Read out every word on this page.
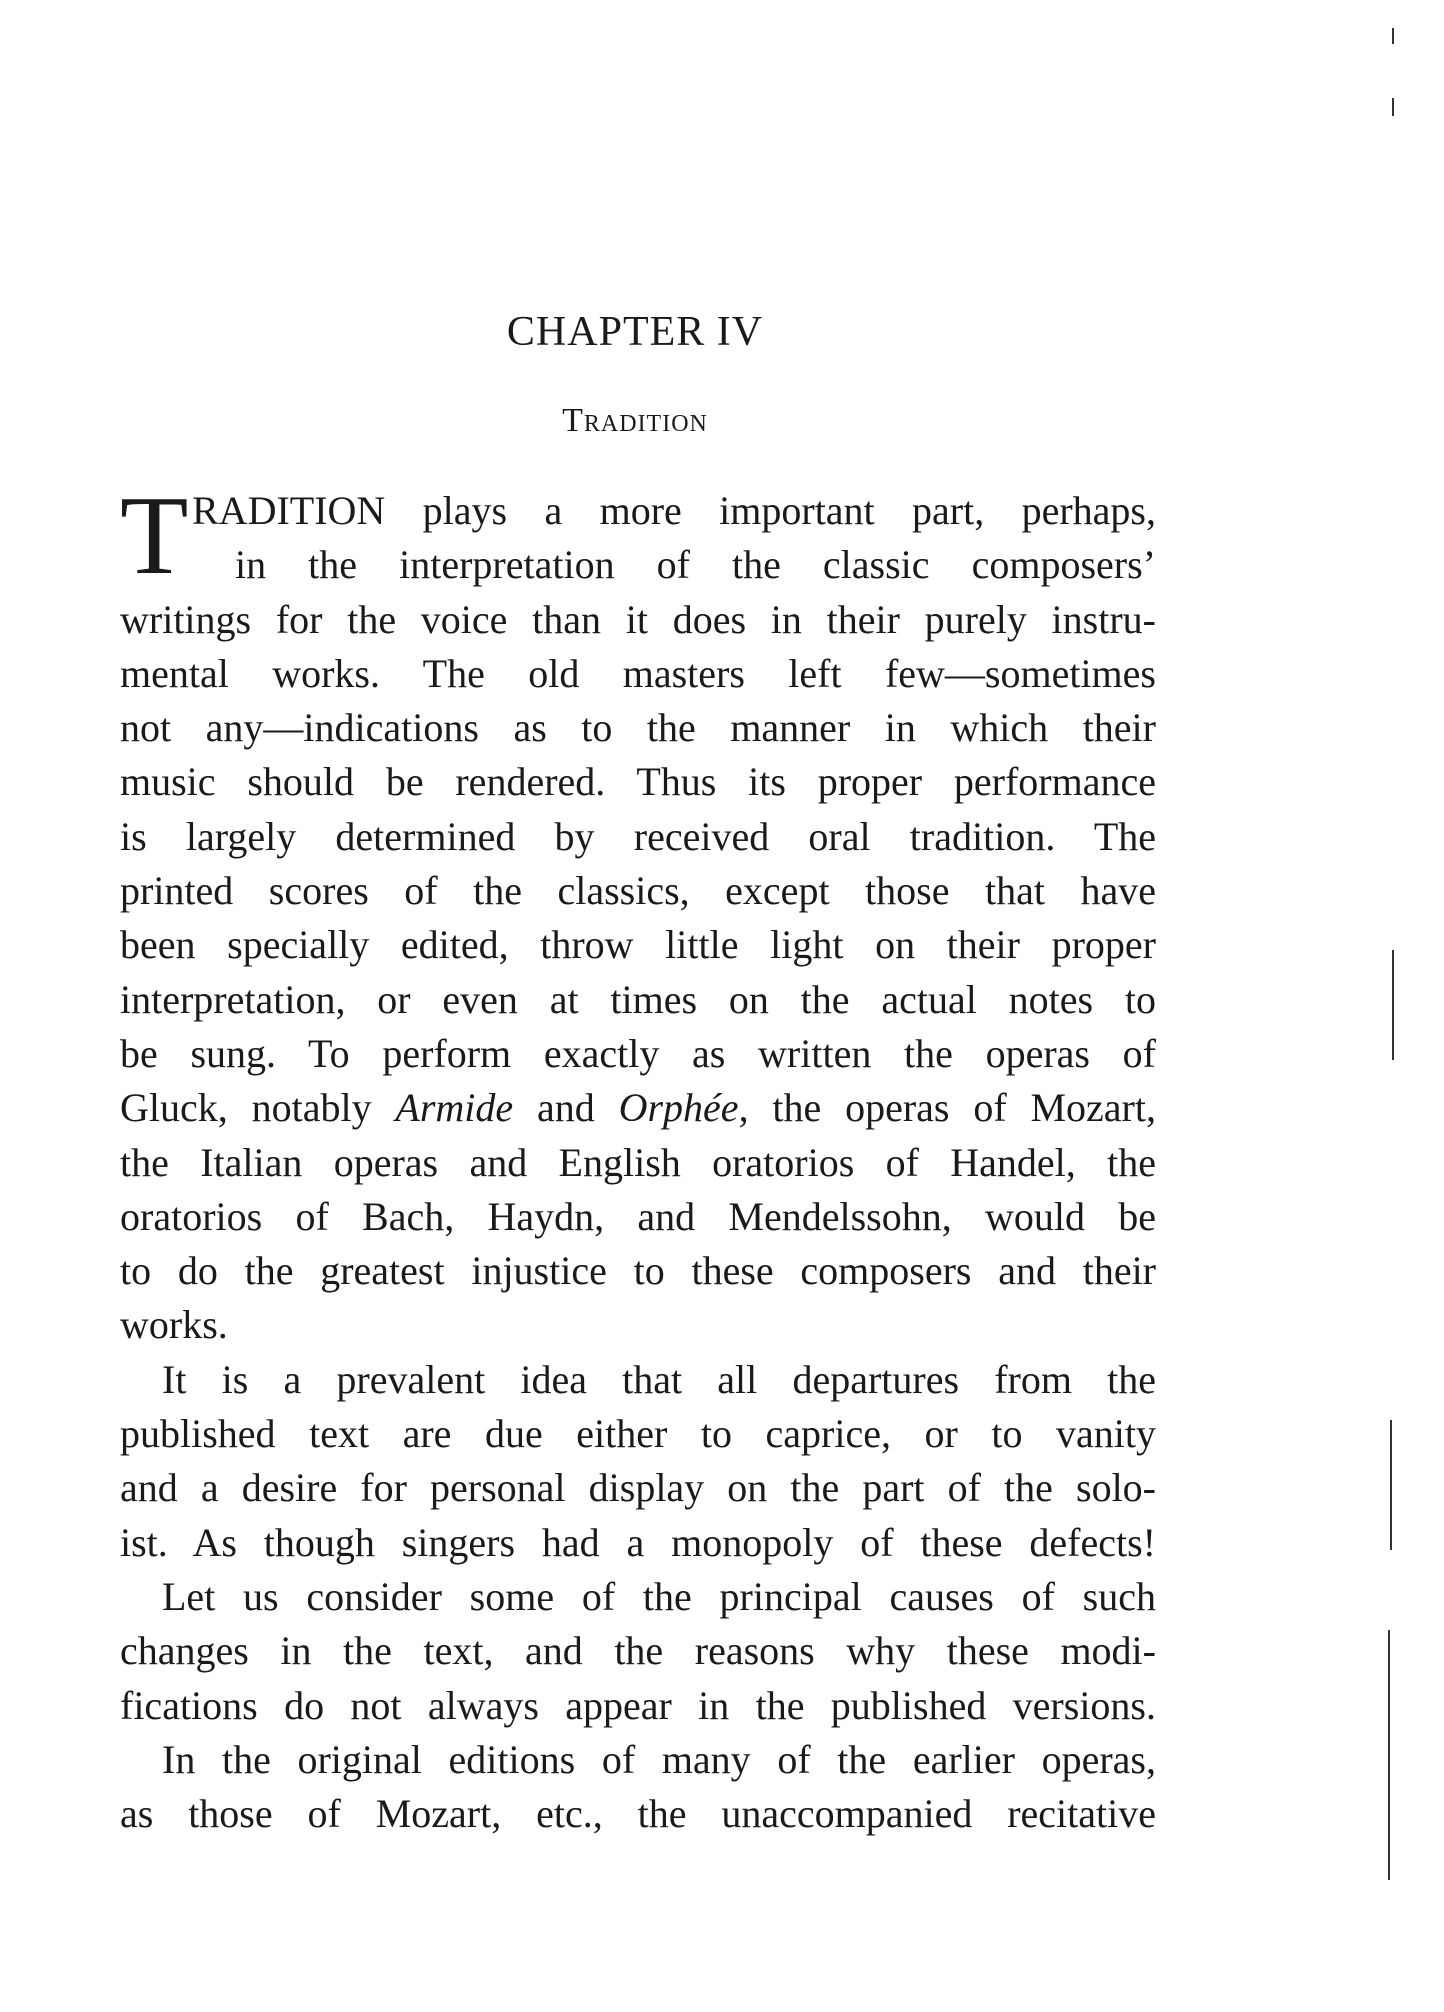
CHAPTER IV
Tradition
T RADITION plays a more important part, perhaps,
in the interpretation of the classic composers’
writings for the voice than it does in their purely instru-
mental works. The old masters left few—sometimes
not any—indications as to the manner in which their
music should be rendered. Thus its proper performance
is largely determined by received oral tradition. The
printed scores of the classics, except those that have
been specially edited, throw little light on their proper
interpretation, or even at times on the actual notes to
be sung. To perform exactly as written the operas of
Gluck, notably Armide and Orphée, the operas of Mozart,
the Italian operas and English oratorios of Handel, the
oratorios of Bach, Haydn, and Mendelssohn, would be
to do the greatest injustice to these composers and their
works.
It is a prevalent idea that all departures from the
published text are due either to caprice, or to vanity
and a desire for personal display on the part of the solo-
ist. As though singers had a monopoly of these defects!
Let us consider some of the principal causes of such
changes in the text, and the reasons why these modi-
fications do not always appear in the published versions.
In the original editions of many of the earlier operas,
as those of Mozart, etc., the unaccompanied recitative
